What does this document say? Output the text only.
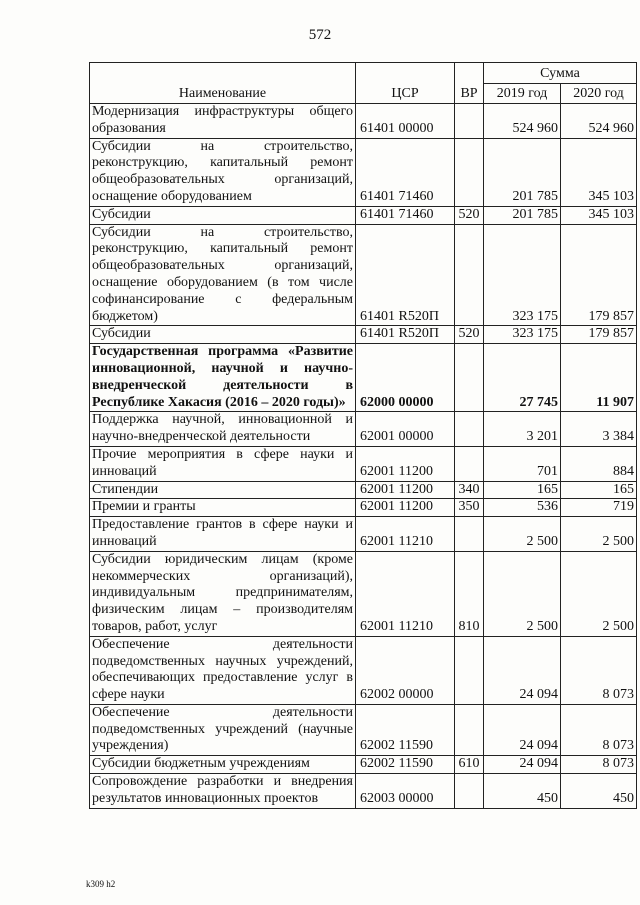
572
Наименование	ЦСР	ВР	Сумма	
			2019 год	2020 год
Модернизация инфраструктуры общего образования	61401 00000		524 960	524 960
Субсидии на строительство, реконструкцию, капитальный ремонт общеобразовательных организаций, оснащение оборудованием	61401 71460		201 785	345 103
Субсидии	61401 71460	520	201 785	345 103
Субсидии на строительство, реконструкцию, капитальный ремонт общеобразовательных организаций, оснащение оборудованием (в том числе софинансирование с федеральным бюджетом)	61401 R520П		323 175	179 857
Субсидии	61401 R520П	520	323 175	179 857
Государственная программа «Развитие инновационной, научной и научно-внедренческой деятельности в Республике Хакасия (2016 – 2020 годы)»	62000 00000		27 745	11 907
Поддержка научной, инновационной и научно-внедренческой деятельности	62001 00000		3 201	3 384
Прочие мероприятия в сфере науки и инноваций	62001 11200		701	884
Стипендии	62001 11200	340	165	165
Премии и гранты	62001 11200	350	536	719
Предоставление грантов в сфере науки и инноваций	62001 11210		2 500	2 500
Субсидии юридическим лицам (кроме некоммерческих организаций), индивидуальным предпринимателям, физическим лицам – производителям товаров, работ, услуг	62001 11210	810	2 500	2 500
Обеспечение деятельности подведомственных научных учреждений, обеспечивающих предоставление услуг в сфере науки	62002 00000		24 094	8 073
Обеспечение деятельности подведомственных учреждений (научные учреждения)	62002 11590		24 094	8 073
Субсидии бюджетным учреждениям	62002 11590	610	24 094	8 073
Сопровождение разработки и внедрения результатов инновационных проектов	62003 00000		450	450
k309 h2
